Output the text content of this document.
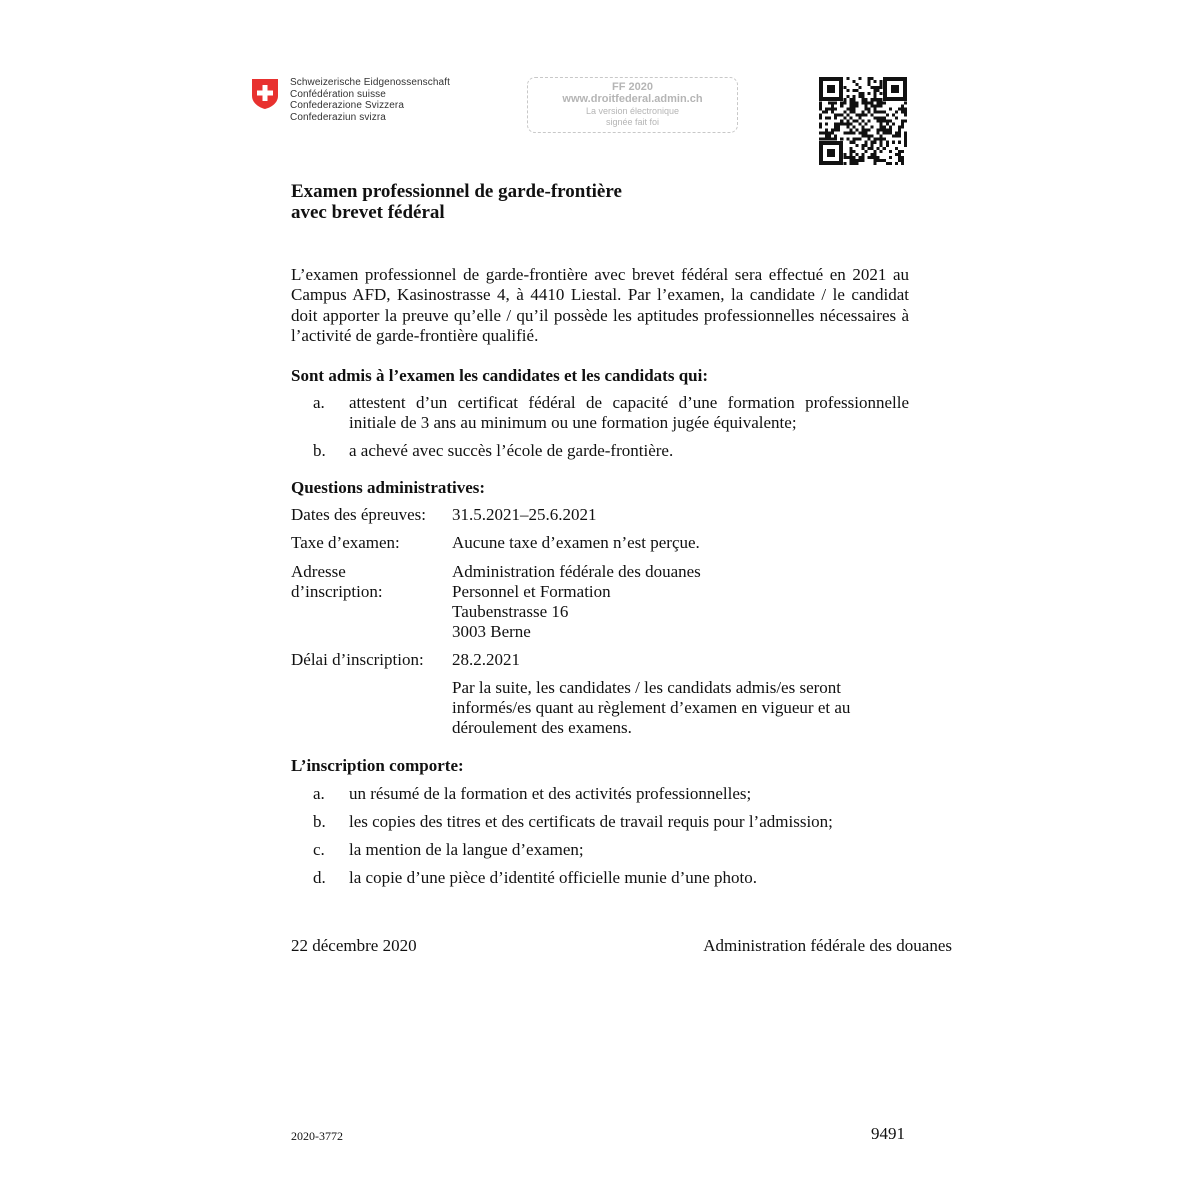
Schweizerische Eidgenossenschaft
Confédération suisse
Confederazione Svizzera
Confederaziun svizra
FF 2020
www.droitfederal.admin.ch
La version électronique
signée fait foi
Examen professionnel de garde-frontière
avec brevet fédéral
L’examen professionnel de garde-frontière avec brevet fédéral sera effectué en 2021 au Campus AFD, Kasinostrasse 4, à 4410 Liestal. Par l’examen, la candidate / le candidat doit apporter la preuve qu’elle / qu’il possède les aptitudes professionnelles nécessaires à l’activité de garde-frontière qualifié.
Sont admis à l’examen les candidates et les candidats qui:
a. attestent d’un certificat fédéral de capacité d’une formation professionnelle
initiale de 3 ans au minimum ou une formation jugée équivalente;
b. a achevé avec succès l’école de garde-frontière.
Questions administratives:
Dates des épreuves: 31.5.2021–25.6.2021
Taxe d’examen:	Aucune taxe d’examen n’est perçue.
Adresse
d’inscription:
Administration fédérale des douanes
Personnel et Formation
Taubenstrasse 16
3003 Berne
Délai d’inscription: 28.2.2021
Par la suite, les candidates / les candidats admis/es seront
informés/es quant au règlement d’examen en vigueur et au
déroulement des examens.
L’inscription comporte:
a. un résumé de la formation et des activités professionnelles;
b. les copies des titres et des certificats de travail requis pour l’admission;
c. la mention de la langue d’examen;
d. la copie d’une pièce d’identité officielle munie d’une photo.
22 décembre 2020	Administration fédérale des douanes
2020-3772	9491
